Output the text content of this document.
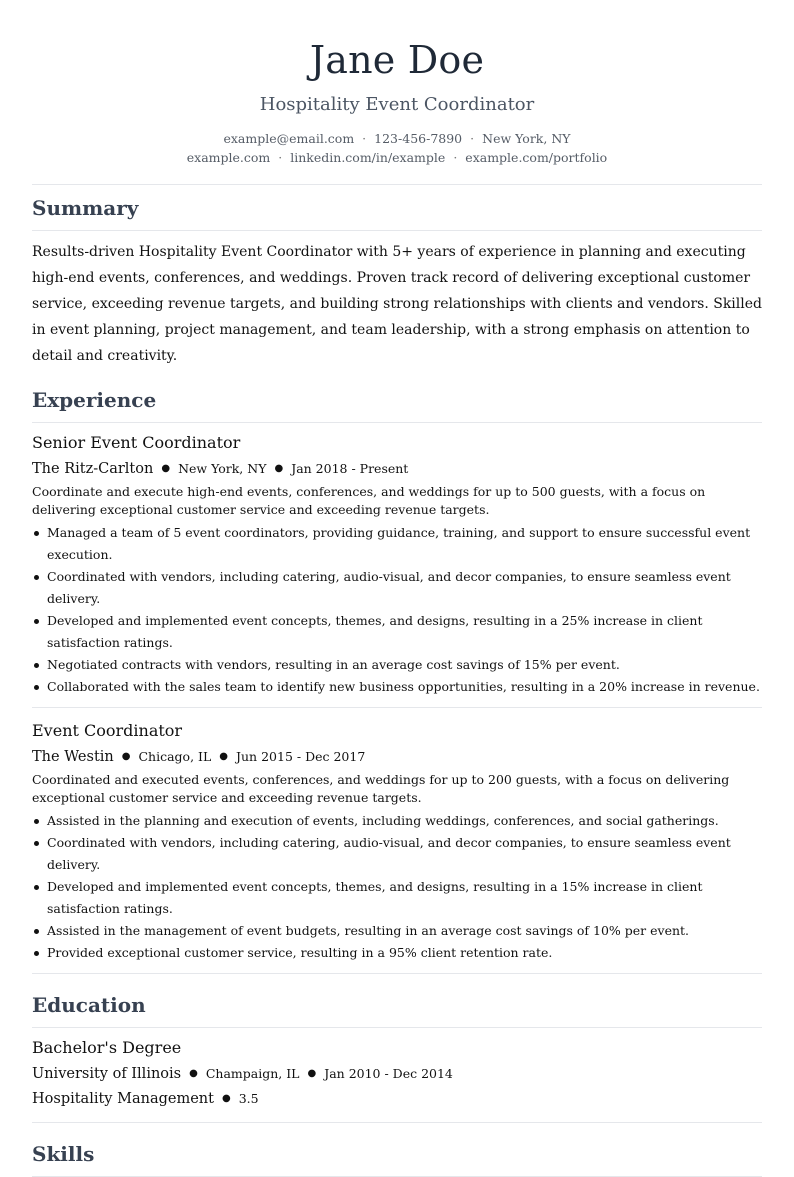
Jane Doe
Hospitality Event Coordinator
example@email.com · 123-456-7890 · New York, NY
example.com · linkedin.com/in/example · example.com/portfolio
Summary
Results-driven Hospitality Event Coordinator with 5+ years of experience in planning and executing high-end events, conferences, and weddings. Proven track record of delivering exceptional customer service, exceeding revenue targets, and building strong relationships with clients and vendors. Skilled in event planning, project management, and team leadership, with a strong emphasis on attention to detail and creativity.
Experience
Senior Event Coordinator
The Ritz-Carlton ● New York, NY ● Jan 2018 - Present
Coordinate and execute high-end events, conferences, and weddings for up to 500 guests, with a focus on delivering exceptional customer service and exceeding revenue targets.
Managed a team of 5 event coordinators, providing guidance, training, and support to ensure successful event execution.
Coordinated with vendors, including catering, audio-visual, and decor companies, to ensure seamless event delivery.
Developed and implemented event concepts, themes, and designs, resulting in a 25% increase in client satisfaction ratings.
Negotiated contracts with vendors, resulting in an average cost savings of 15% per event.
Collaborated with the sales team to identify new business opportunities, resulting in a 20% increase in revenue.
Event Coordinator
The Westin ● Chicago, IL ● Jun 2015 - Dec 2017
Coordinated and executed events, conferences, and weddings for up to 200 guests, with a focus on delivering exceptional customer service and exceeding revenue targets.
Assisted in the planning and execution of events, including weddings, conferences, and social gatherings.
Coordinated with vendors, including catering, audio-visual, and decor companies, to ensure seamless event delivery.
Developed and implemented event concepts, themes, and designs, resulting in a 15% increase in client satisfaction ratings.
Assisted in the management of event budgets, resulting in an average cost savings of 10% per event.
Provided exceptional customer service, resulting in a 95% client retention rate.
Education
Bachelor's Degree
University of Illinois ● Champaign, IL ● Jan 2010 - Dec 2014
Hospitality Management ● 3.5
Skills
